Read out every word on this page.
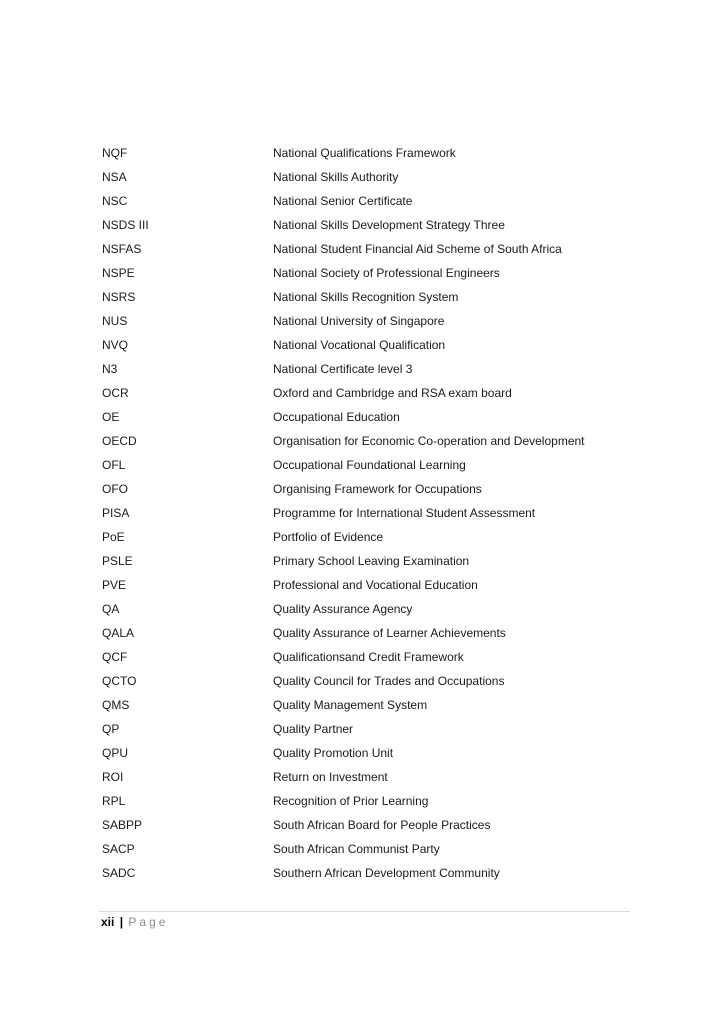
NQF	National Qualifications Framework
NSA	National Skills Authority
NSC	National Senior Certificate
NSDS III	National Skills Development Strategy Three
NSFAS	National Student Financial Aid Scheme of South Africa
NSPE	National Society of Professional Engineers
NSRS	National Skills Recognition System
NUS	National University of Singapore
NVQ	National Vocational Qualification
N3	National Certificate level 3
OCR	Oxford and Cambridge and RSA exam board
OE	Occupational Education
OECD	Organisation for Economic Co-operation and Development
OFL	Occupational Foundational Learning
OFO	Organising Framework for Occupations
PISA	Programme for International Student Assessment
PoE	Portfolio of Evidence
PSLE	Primary School Leaving Examination
PVE	Professional and Vocational Education
QA	Quality Assurance Agency
QALA	Quality Assurance of Learner Achievements
QCF	Qualificationsand Credit Framework
QCTO	Quality Council for Trades and Occupations
QMS	Quality Management System
QP	Quality Partner
QPU	Quality Promotion Unit
ROI	Return on Investment
RPL	Recognition of Prior Learning
SABPP	South African Board for People Practices
SACP	South African Communist Party
SADC	Southern African Development Community
xii | Page
